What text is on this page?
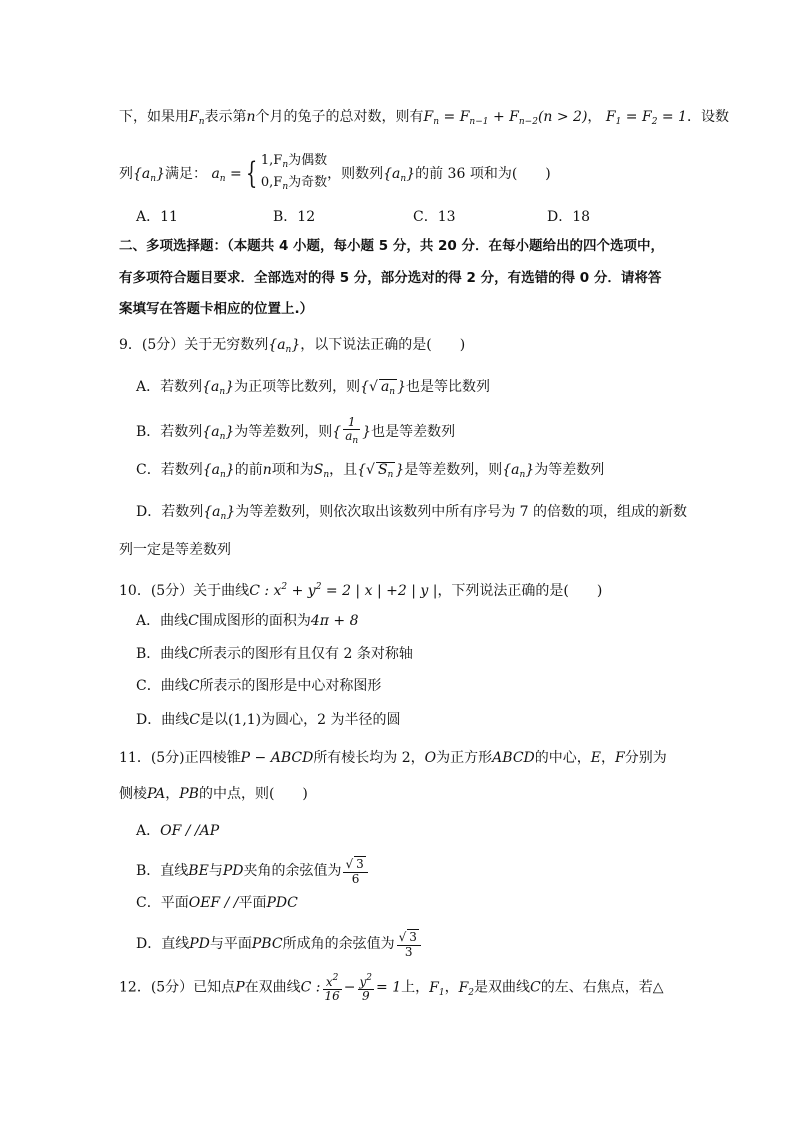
下，如果用$F_n$表示第n个月的兔子的总对数，则有$F_n = F_{n-1} + F_{n-2}(n > 2)$， $F_1 = F_2 = 1$．设数
列$\{a_n\}$满足： $a_n$ = { $1,F_n$为偶数
$0,F_n$为奇数
，则数列$\{a_n\}$的前 36 项和为(　　)
A．11	B．12	C．13	D．18
二、多项选择题：（本题共 4 小题，每小题 5 分，共 20 分．在每小题给出的四个选项中，
有多项符合题目要求．全部选对的得 5 分，部分选对的得 2 分，有选错的得 0 分．请将答
案填写在答题卡相应的位置上.）
9．(5分）关于无穷数列$\{a_n\}$，以下说法正确的是(　　)
A．若数列$\{a_n\}$为正项等比数列，则{√ $a_n$ }也是等比数列
B．若数列$\{a_n\}$为等差数列，则{ $\frac{1}{a_n}$ }也是等差数列
C．若数列$\{a_n\}$的前n项和为$S_n$，且{√ $S_n$ }是等差数列，则$\{a_n\}$为等差数列
D．若数列$\{a_n\}$为等差数列，则依次取出该数列中所有序号为 7 的倍数的项，组成的新数
列一定是等差数列
10．(5分）关于曲线C : $x^2 + y^2 = 2$ | x | +2 | y |，下列说法正确的是(　　)
A．曲线C围成图形的面积为4π + 8
B．曲线C所表示的图形有且仅有 2 条对称轴
C．曲线C所表示的图形是中心对称图形
D．曲线C是以(1,1)为圆心，2 为半径的圆
11．(5分)正四棱锥P − ABCD所有棱长均为 2，O为正方形ABCD的中心，E，F分别为
侧棱PA，PB的中点，则(　　)
A．OF / /AP
B．直线BE与PD夹角的余弦值为 $\frac{√ 3}{6}$
C．平面OEF / /平面PDC
D．直线PD与平面PBC所成角的余弦值为 $\frac{√ 3}{3}$
12．(5分）已知点P在双曲线C : $\frac{x^2}{16} - \frac{y^2}{9} = 1$上，$F_1$，$F_2$是双曲线C的左、右焦点，若△
